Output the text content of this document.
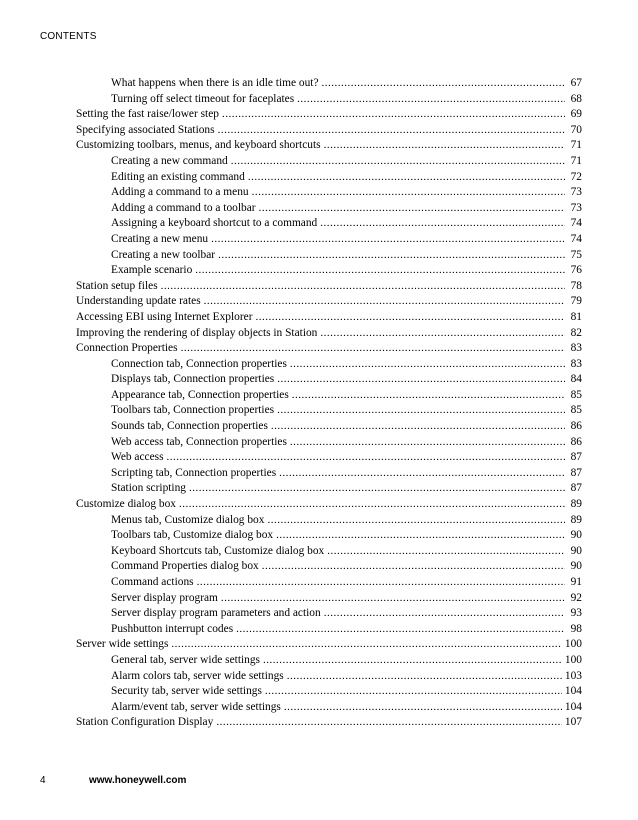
CONTENTS
What happens when there is an idle time out? .....	67
Turning off select timeout for faceplates .....	68
Setting the fast raise/lower step .....	69
Specifying associated Stations .....	70
Customizing toolbars, menus, and keyboard shortcuts .....	71
Creating a new command .....	71
Editing an existing command .....	72
Adding a command to a menu .....	73
Adding a command to a toolbar .....	73
Assigning a keyboard shortcut to a command .....	74
Creating a new menu .....	74
Creating a new toolbar .....	75
Example scenario .....	76
Station setup files .....	78
Understanding update rates .....	79
Accessing EBI using Internet Explorer .....	81
Improving the rendering of display objects in Station .....	82
Connection Properties .....	83
Connection tab, Connection properties .....	83
Displays tab, Connection properties .....	84
Appearance tab, Connection properties .....	85
Toolbars tab, Connection properties .....	85
Sounds tab, Connection properties .....	86
Web access tab, Connection properties .....	86
Web access .....	87
Scripting tab, Connection properties .....	87
Station scripting .....	87
Customize dialog box .....	89
Menus tab, Customize dialog box .....	89
Toolbars tab, Customize dialog box .....	90
Keyboard Shortcuts tab, Customize dialog box .....	90
Command Properties dialog box .....	90
Command actions .....	91
Server display program .....	92
Server display program parameters and action .....	93
Pushbutton interrupt codes .....	98
Server wide settings .....	100
General tab, server wide settings .....	100
Alarm colors tab, server wide settings .....	103
Security tab, server wide settings .....	104
Alarm/event tab, server wide settings .....	104
Station Configuration Display .....	107
4	www.honeywell.com
